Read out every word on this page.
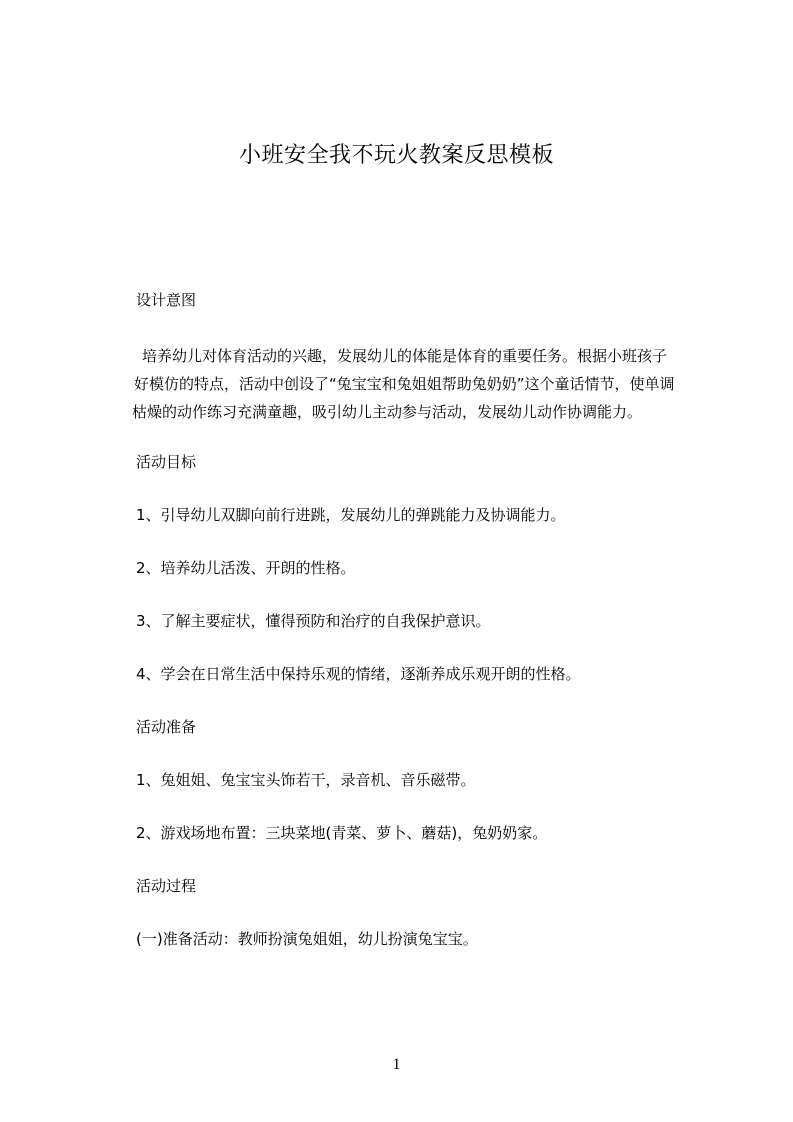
小班安全我不玩火教案反思模板
设计意图
培养幼儿对体育活动的兴趣，发展幼儿的体能是体育的重要任务。根据小班孩子
好模仿的特点，活动中创设了“兔宝宝和兔姐姐帮助兔奶奶”这个童话情节，使单调
枯燥的动作练习充满童趣，吸引幼儿主动参与活动，发展幼儿动作协调能力。
活动目标
1、引导幼儿双脚向前行进跳，发展幼儿的弹跳能力及协调能力。
2、培养幼儿活泼、开朗的性格。
3、了解主要症状，懂得预防和治疗的自我保护意识。
4、学会在日常生活中保持乐观的情绪，逐渐养成乐观开朗的性格。
活动准备
1、兔姐姐、兔宝宝头饰若干，录音机、音乐磁带。
2、游戏场地布置：三块菜地(青菜、萝卜、蘑菇)，兔奶奶家。
活动过程
(一)准备活动：教师扮演兔姐姐，幼儿扮演兔宝宝。
1
